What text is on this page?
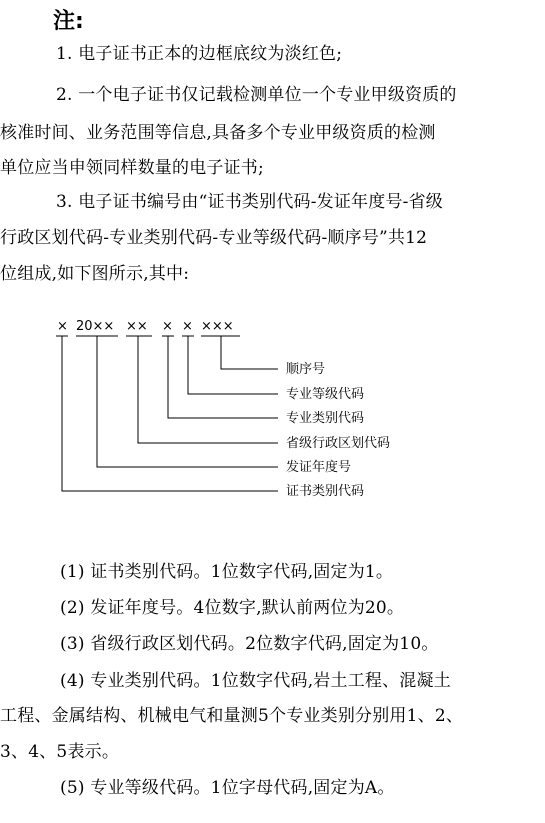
注:
1. 电子证书正本的边框底纹为淡红色;
2. 一个电子证书仅记载检测单位一个专业甲级资质的
核准时间、业务范围等信息,具备多个专业甲级资质的检测
单位应当申领同样数量的电子证书;
3. 电子证书编号由“证书类别代码-发证年度号-省级
行政区划代码-专业类别代码-专业等级代码-顺序号”共12
位组成,如下图所示,其中:
× 20×× ×× × × ×××
顺序号
专业等级代码
专业类别代码
省级行政区划代码
发证年度号
证书类别代码
(1) 证书类别代码。1位数字代码,固定为1。
(2) 发证年度号。4位数字,默认前两位为20。
(3) 省级行政区划代码。2位数字代码,固定为10。
(4) 专业类别代码。1位数字代码,岩土工程、混凝土
工程、金属结构、机械电气和量测5个专业类别分别用1、2、
3、4、5表示。
(5) 专业等级代码。1位字母代码,固定为A。
